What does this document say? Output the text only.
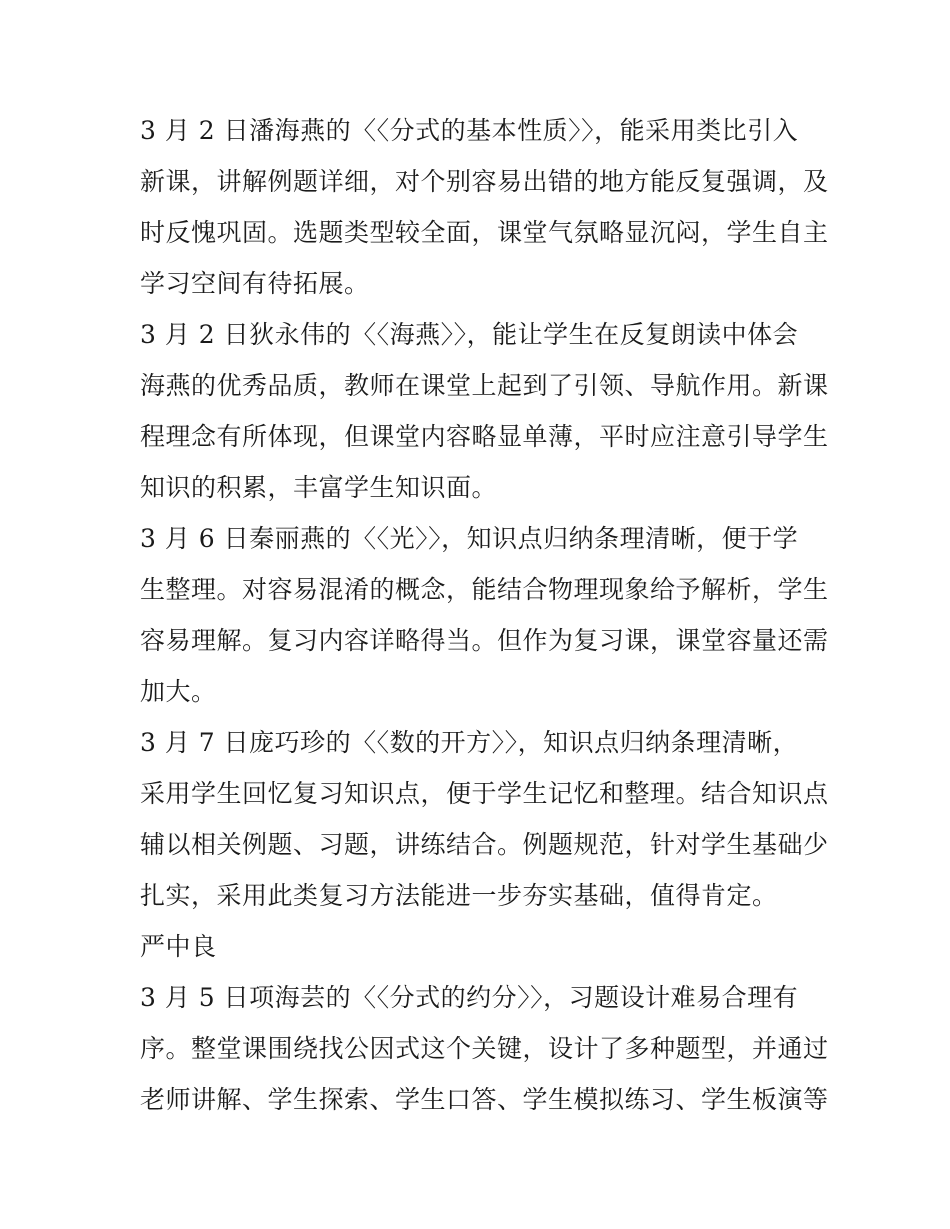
3 月 2 日潘海燕的〈〈分式的基本性质〉〉，能采用类比引入
新课，讲解例题详细，对个别容易出错的地方能反复强调，及
时反愧巩固。选题类型较全面，课堂气氛略显沉闷，学生自主
学习空间有待拓展。
3 月 2 日狄永伟的〈〈海燕〉〉，能让学生在反复朗读中体会
海燕的优秀品质，教师在课堂上起到了引领、导航作用。新课
程理念有所体现，但课堂内容略显单薄，平时应注意引导学生
知识的积累，丰富学生知识面。
3 月 6 日秦丽燕的〈〈光〉〉，知识点归纳条理清晰，便于学
生整理。对容易混淆的概念，能结合物理现象给予解析，学生
容易理解。复习内容详略得当。但作为复习课，课堂容量还需
加大。
3 月 7 日庞巧珍的〈〈数的开方〉〉，知识点归纳条理清晰，
采用学生回忆复习知识点，便于学生记忆和整理。结合知识点
辅以相关例题、习题，讲练结合。例题规范，针对学生基础少
扎实，采用此类复习方法能进一步夯实基础，值得肯定。
严中良
3 月 5 日项海芸的〈〈分式的约分〉〉，习题设计难易合理有
序。整堂课围绕找公因式这个关键，设计了多种题型，并通过
老师讲解、学生探索、学生口答、学生模拟练习、学生板演等
